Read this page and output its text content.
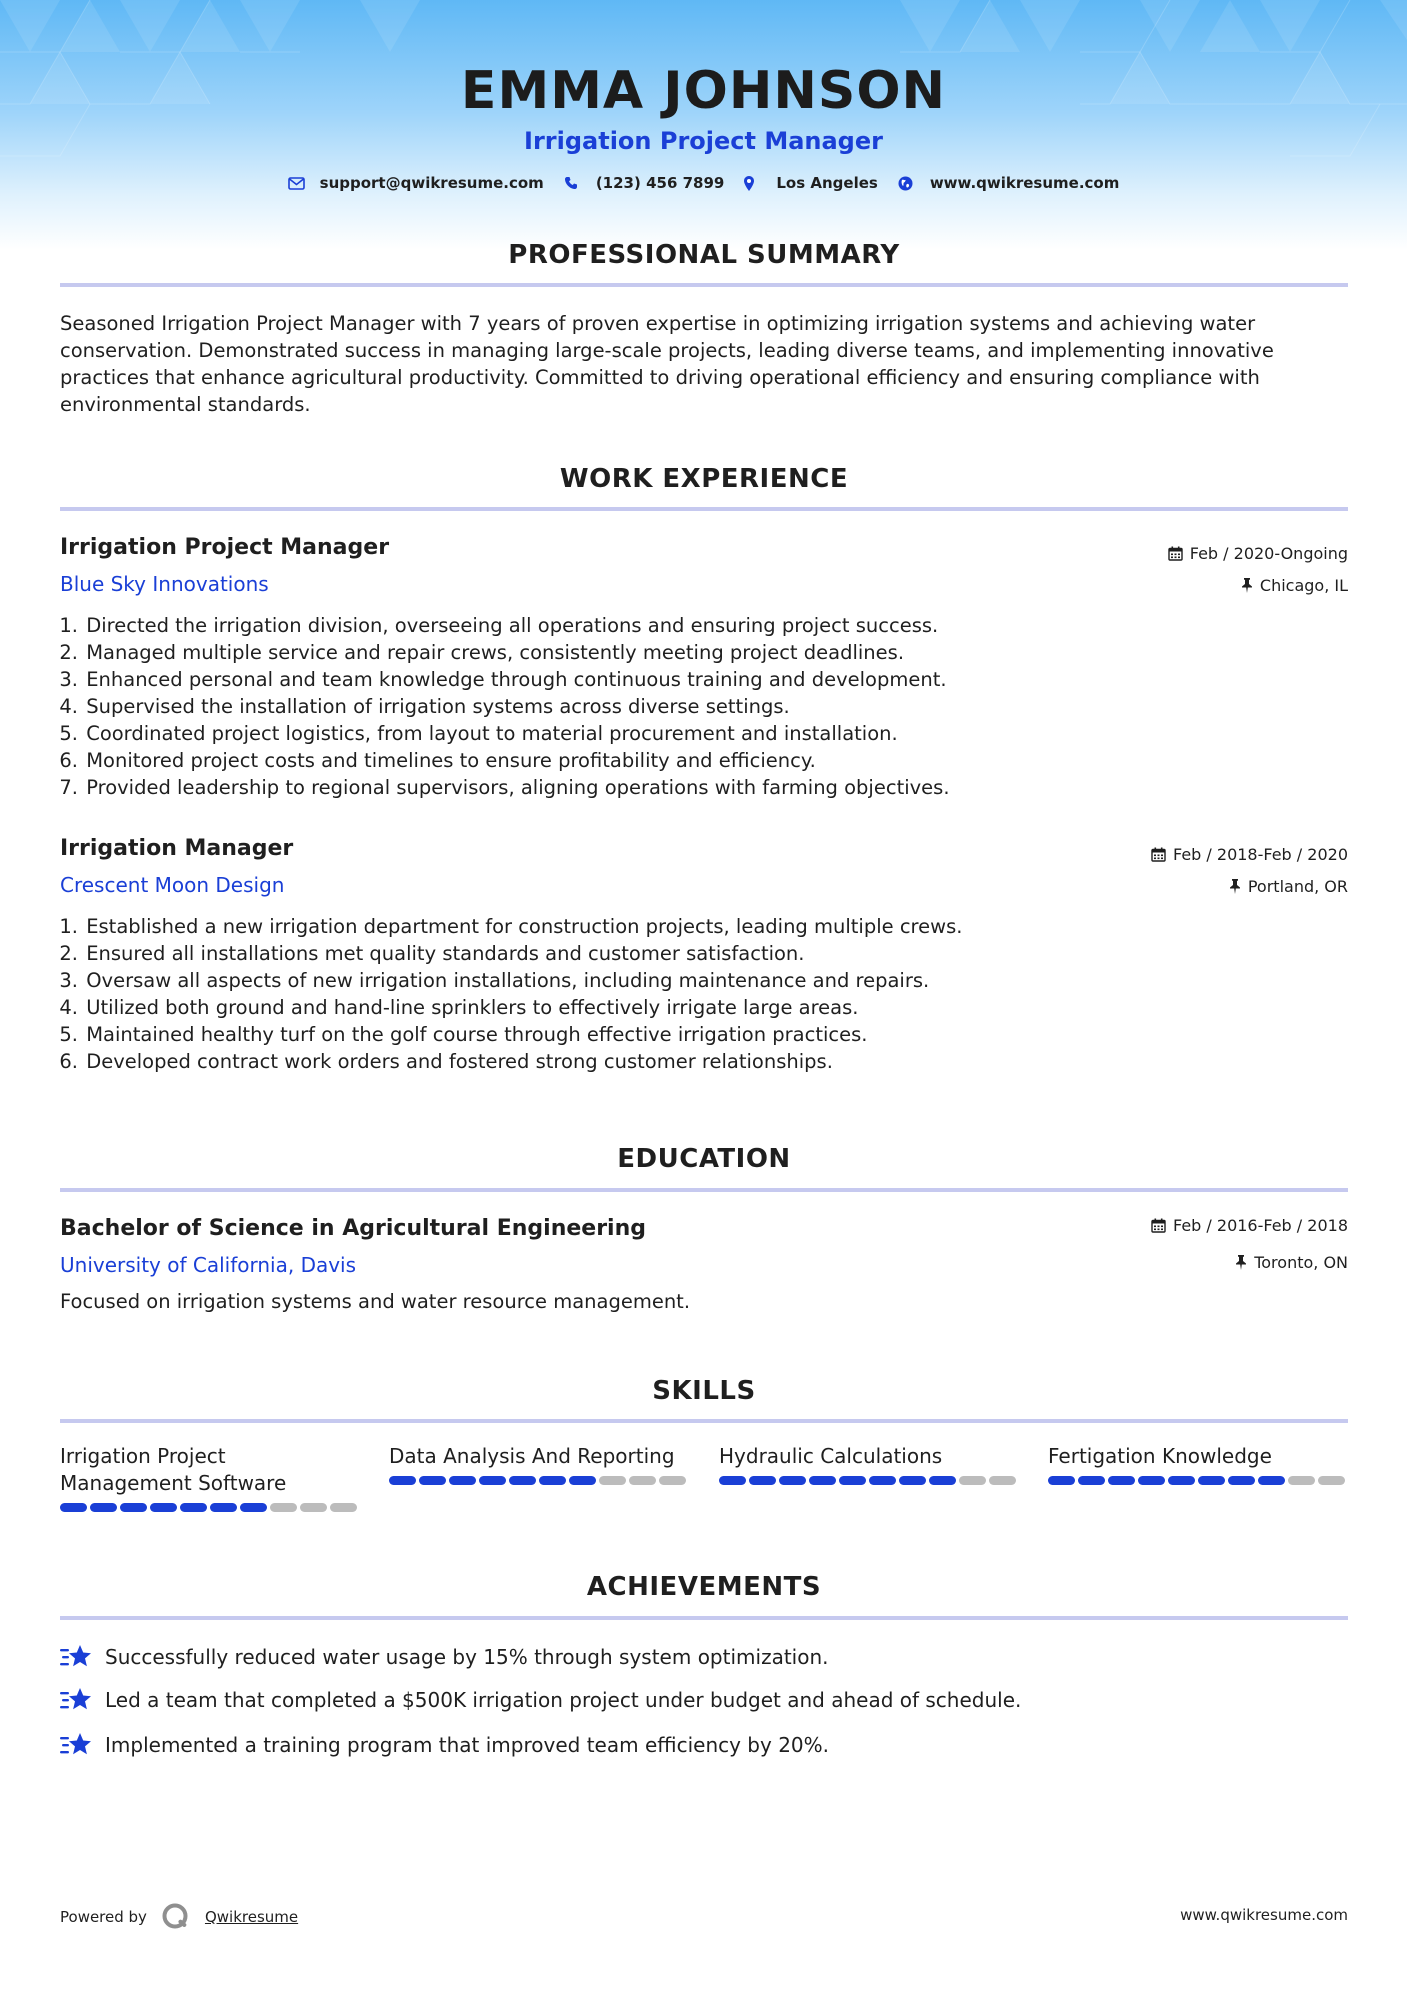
EMMA JOHNSON
Irrigation Project Manager
support@qwikresume.com	(123) 456 7899	Los Angeles	www.qwikresume.com
PROFESSIONAL SUMMARY
Seasoned Irrigation Project Manager with 7 years of proven expertise in optimizing irrigation systems and achieving water conservation. Demonstrated success in managing large-scale projects, leading diverse teams, and implementing innovative practices that enhance agricultural productivity. Committed to driving operational efficiency and ensuring compliance with environmental standards.
WORK EXPERIENCE
Irrigation Project Manager
Blue Sky Innovations
Feb / 2020-Ongoing
Chicago, IL
1.
Directed the irrigation division, overseeing all operations and ensuring project success.
2.
Managed multiple service and repair crews, consistently meeting project deadlines.
3.
Enhanced personal and team knowledge through continuous training and development.
4.
Supervised the installation of irrigation systems across diverse settings.
5.
Coordinated project logistics, from layout to material procurement and installation.
6.
Monitored project costs and timelines to ensure profitability and efficiency.
7.
Provided leadership to regional supervisors, aligning operations with farming objectives.
Irrigation Manager
Crescent Moon Design
Feb / 2018-Feb / 2020
Portland, OR
1.
Established a new irrigation department for construction projects, leading multiple crews.
2.
Ensured all installations met quality standards and customer satisfaction.
3.
Oversaw all aspects of new irrigation installations, including maintenance and repairs.
4.
Utilized both ground and hand-line sprinklers to effectively irrigate large areas.
5.
Maintained healthy turf on the golf course through effective irrigation practices.
6.
Developed contract work orders and fostered strong customer relationships.
EDUCATION
Bachelor of Science in Agricultural Engineering
University of California, Davis
Feb / 2016-Feb / 2018
Toronto, ON
Focused on irrigation systems and water resource management.
SKILLS
Irrigation Project Management Software
Data Analysis And Reporting	Hydraulic Calculations	Fertigation Knowledge
ACHIEVEMENTS
Successfully reduced water usage by 15% through system optimization.
Led a team that completed a $500K irrigation project under budget and ahead of schedule.
Implemented a training program that improved team efficiency by 20%.
Powered by	Qwikresume	www.qwikresume.com
